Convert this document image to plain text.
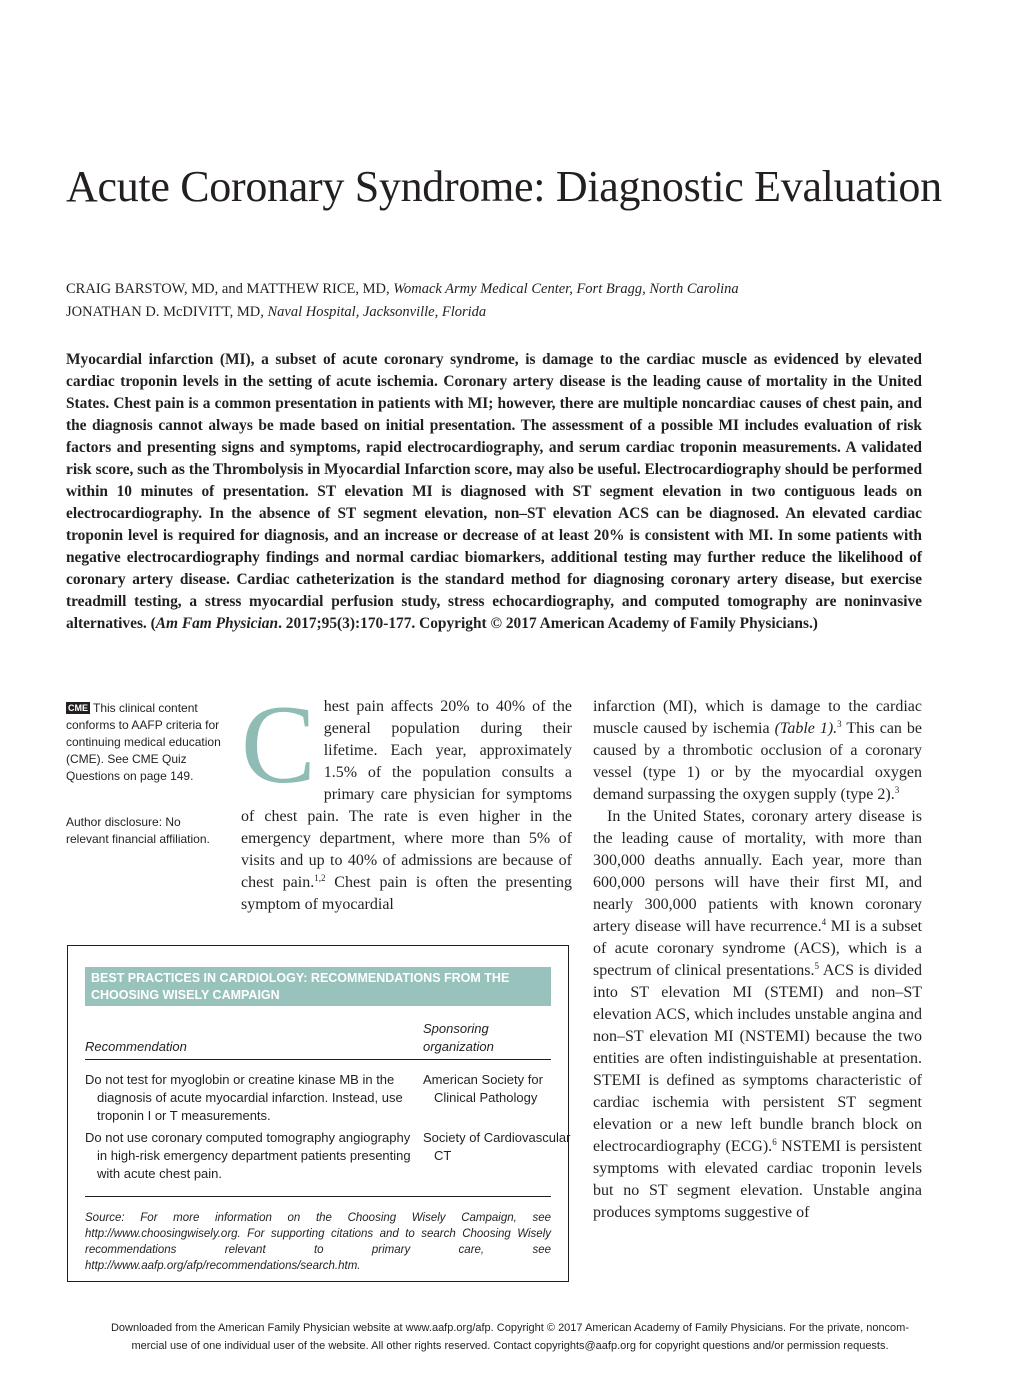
Acute Coronary Syndrome: Diagnostic Evaluation
CRAIG BARSTOW, MD, and MATTHEW RICE, MD, Womack Army Medical Center, Fort Bragg, North Carolina
JONATHAN D. McDIVITT, MD, Naval Hospital, Jacksonville, Florida
Myocardial infarction (MI), a subset of acute coronary syndrome, is damage to the cardiac muscle as evidenced by elevated cardiac troponin levels in the setting of acute ischemia. Coronary artery disease is the leading cause of mortality in the United States. Chest pain is a common presentation in patients with MI; however, there are multiple noncardiac causes of chest pain, and the diagnosis cannot always be made based on initial presentation. The assessment of a possible MI includes evaluation of risk factors and presenting signs and symptoms, rapid electrocardiography, and serum cardiac troponin measurements. A validated risk score, such as the Thrombolysis in Myocardial Infarction score, may also be useful. Electrocardiography should be performed within 10 minutes of presentation. ST elevation MI is diagnosed with ST segment elevation in two contiguous leads on electrocardiography. In the absence of ST segment elevation, non–ST elevation ACS can be diagnosed. An elevated cardiac troponin level is required for diagnosis, and an increase or decrease of at least 20% is consistent with MI. In some patients with negative electrocardiography findings and normal cardiac biomarkers, additional testing may further reduce the likelihood of coronary artery disease. Cardiac catheterization is the standard method for diagnosing coronary artery disease, but exercise treadmill testing, a stress myocardial perfusion study, stress echocardiography, and computed tomography are noninvasive alternatives. (Am Fam Physician. 2017;95(3):170-177. Copyright © 2017 American Academy of Family Physicians.)
CME This clinical content conforms to AAFP criteria for continuing medical education (CME). See CME Quiz Questions on page 149.
Author disclosure: No relevant financial affiliation.
Chest pain affects 20% to 40% of the general population during their lifetime. Each year, approximately 1.5% of the population consults a primary care physician for symptoms of chest pain. The rate is even higher in the emergency department, where more than 5% of visits and up to 40% of admissions are because of chest pain.$^{1,2}$ Chest pain is often the presenting symptom of myocardial

infarction (MI), which is damage to the cardiac muscle caused by ischemia (Table 1).$^3$ This can be caused by a thrombotic occlusion of a coronary vessel (type 1) or by the myocardial oxygen demand surpassing the oxygen supply (type 2).$^3$

In the United States, coronary artery disease is the leading cause of mortality, with more than 300,000 deaths annually. Each year, more than 600,000 persons will have their first MI, and nearly 300,000 patients with known coronary artery disease will have recurrence.$^4$ MI is a subset of acute coronary syndrome (ACS), which is a spectrum of clinical presentations.$^5$ ACS is divided into ST elevation MI (STEMI) and non–ST elevation ACS, which includes unstable angina and non–ST elevation MI (NSTEMI) because the two entities are often indistinguishable at presentation. STEMI is defined as symptoms characteristic of cardiac ischemia with persistent ST segment elevation or a new left bundle branch block on electrocardiography (ECG).$^6$ NSTEMI is persistent symptoms with elevated cardiac troponin levels but no ST segment elevation. Unstable angina produces symptoms suggestive of

BEST PRACTICES IN CARDIOLOGY: RECOMMENDATIONS FROM THE CHOOSING WISELY CAMPAIGN
Sponsoring
Recommendation	organization
Do not test for myoglobin or creatine kinase MB in the diagnosis of acute myocardial infarction. Instead, use troponin I or T measurements.
American Society for Clinical Pathology
Do not use coronary computed tomography angiography in high-risk emergency department patients presenting with acute chest pain.
Society of Cardiovascular CT
Source: For more information on the Choosing Wisely Campaign, see http://www.choosingwisely.org. For supporting citations and to search Choosing Wisely recommendations relevant to primary care, see http://www.aafp.org/afp/recommendations/search.htm.
Downloaded from the American Family Physician website at www.aafp.org/afp. Copyright © 2017 American Academy of Family Physicians. For the private, noncom-
mercial use of one individual user of the website. All other rights reserved. Contact copyrights@aafp.org for copyright questions and/or permission requests.
